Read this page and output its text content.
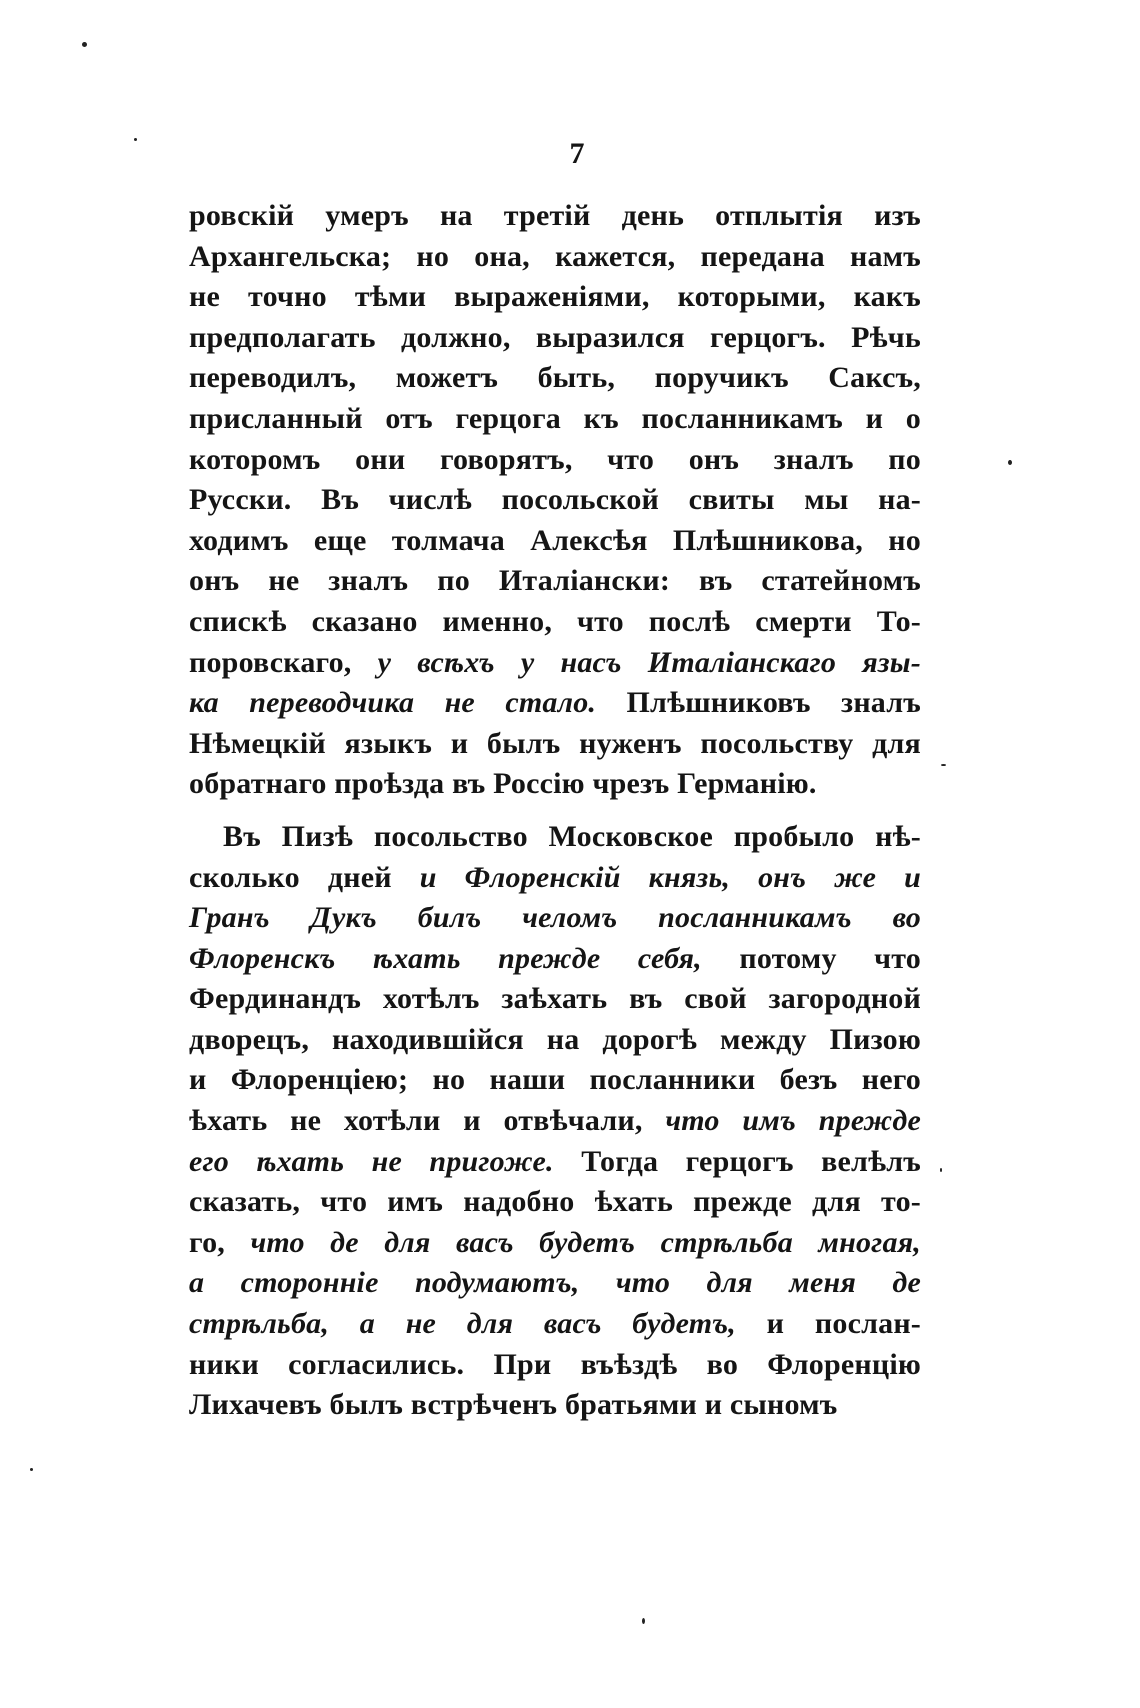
7
ровскій умеръ на третій день отплытія изъ
Архангельска; но она, кажется, передана намъ
не точно тѣми выраженіями, которыми, какъ
предполагать должно, выразился герцогъ. Рѣчь
переводилъ, можетъ быть, поручикъ Саксъ,
присланный отъ герцога къ посланникамъ и о
которомъ они говорятъ, что онъ зналъ по
Русски. Въ числѣ посольской свиты мы на-
ходимъ еще толмача Алексѣя Плѣшникова, но
онъ не зналъ по Италіански: въ статейномъ
спискѣ сказано именно, что послѣ смерти То-
поровскаго, у всѣхъ у насъ Италіанскаго язы-
ка переводчика не стало. Плѣшниковъ зналъ
Нѣмецкій языкъ и былъ нуженъ посольству для
обратнаго проѣзда въ Россію чрезъ Германію.
Въ Пизѣ посольство Московское пробыло нѣ-
сколько дней и Флоренскій князь, онъ же и
Гранъ Дукъ билъ челомъ посланникамъ во
Флоренскъ ѣхать прежде себя, потому что
Фердинандъ хотѣлъ заѣхать въ свой загородной
дворецъ, находившійся на дорогѣ между Пизою
и Флоренціею; но наши посланники безъ него
ѣхать не хотѣли и отвѣчали, что имъ прежде
его ѣхать не пригоже. Тогда герцогъ велѣлъ
сказать, что имъ надобно ѣхать прежде для то-
го, что де для васъ будетъ стрѣльба многая,
а сторонніе подумаютъ, что для меня де
стрѣльба, а не для васъ будетъ, и послан-
ники согласились. При въѣздѣ во Флоренцію
Лихачевъ былъ встрѣченъ братьями и сыномъ
